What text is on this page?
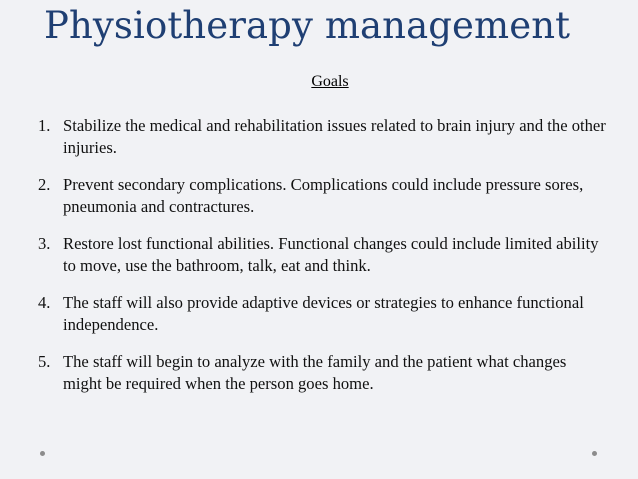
Physiotherapy management
Goals
1. Stabilize the medical and rehabilitation issues related to brain injury and the other injuries.
2. Prevent secondary complications. Complications could include pressure sores, pneumonia and contractures.
3. Restore lost functional abilities. Functional changes could include limited ability to move, use the bathroom, talk, eat and think.
4. The staff will also provide adaptive devices or strategies to enhance functional independence.
5. The staff will begin to analyze with the family and the patient what changes might be required when the person goes home.
